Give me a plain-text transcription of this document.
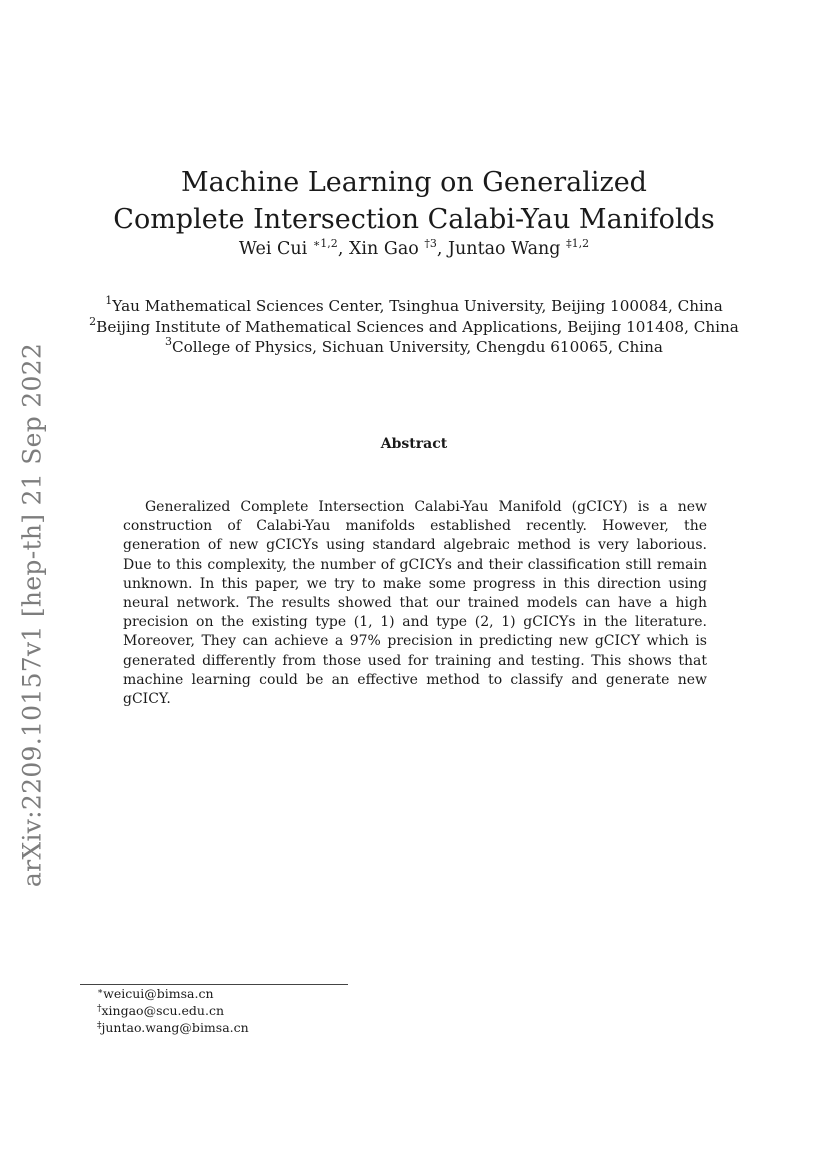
arXiv:2209.10157v1 [hep-th] 21 Sep 2022
Machine Learning on Generalized
Complete Intersection Calabi-Yau Manifolds
Wei Cui $^{∗1,2}$, Xin Gao $^{\dagger 3}$, Juntao Wang $^{\ddagger 1,2}$
$^1$Yau Mathematical Sciences Center, Tsinghua University, Beijing 100084, China
$^2$Beijing Institute of Mathematical Sciences and Applications, Beijing 101408, China
$^3$College of Physics, Sichuan University, Chengdu 610065, China
Abstract

Generalized Complete Intersection Calabi-Yau Manifold (gCICY) is a new construction of Calabi-Yau manifolds established recently. However, the generation of new gCICYs using standard algebraic method is very laborious. Due to this complexity, the number of gCICYs and their classification still remain unknown. In this paper, we try to make some progress in this direction using neural network. The results showed that our trained models can have a high precision on the existing type (1, 1) and type (2, 1) gCICYs in the literature. Moreover, They can achieve a 97% precision in predicting new gCICY which is generated differently from those used for training and testing. This shows that machine learning could be an effective method to classify and generate new gCICY.

∗weicui@bimsa.cn
†xingao@scu.edu.cn
‡juntao.wang@bimsa.cn
